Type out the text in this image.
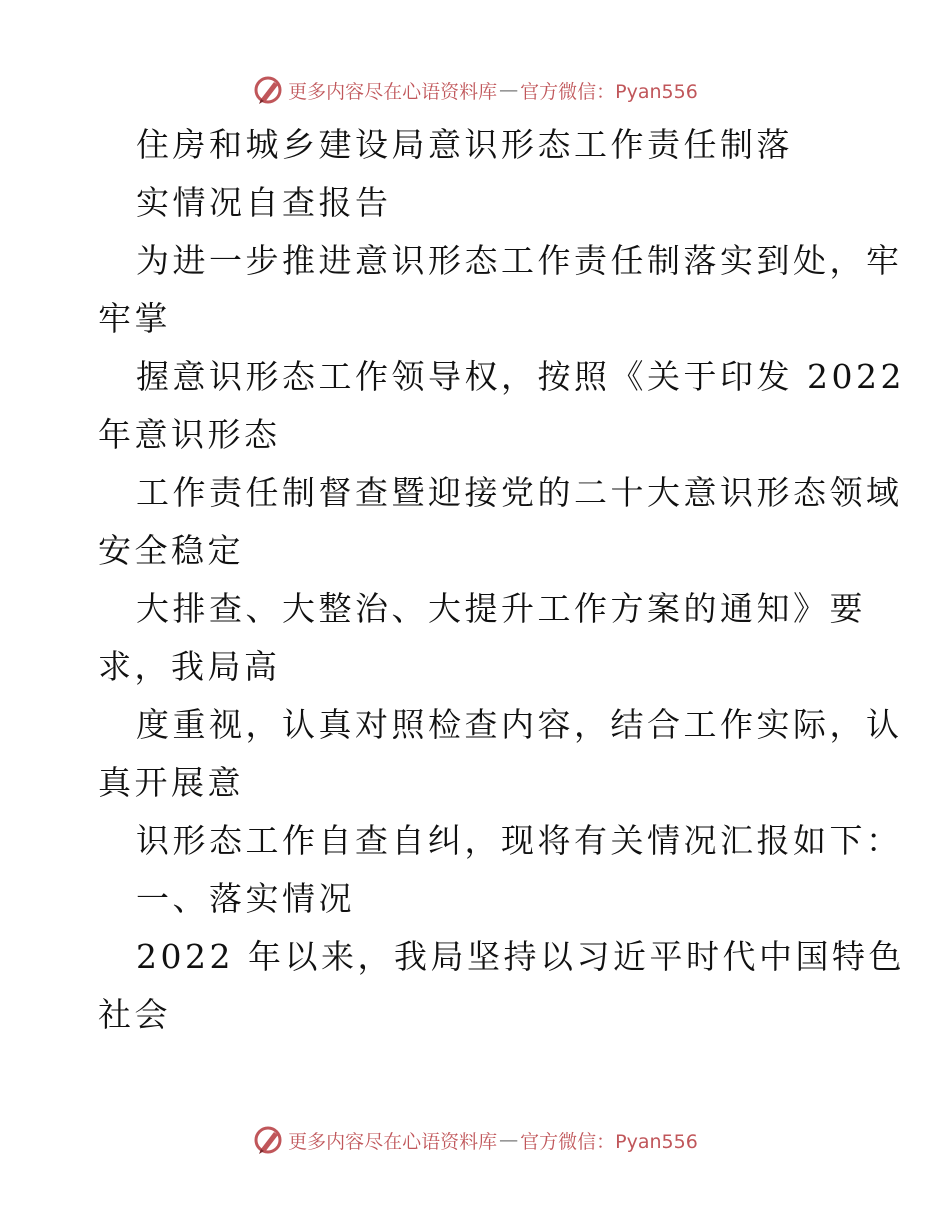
更多内容尽在心语资料库 — 官方微信：Pyan556
住房和城乡建设局意识形态工作责任制落
实情况自查报告
为进一步推进意识形态工作责任制落实到处，牢
牢掌
握意识形态工作领导权，按照《关于印发 2022
年意识形态
工作责任制督查暨迎接党的二十大意识形态领域
安全稳定
大排查、大整治、大提升工作方案的通知》要
求，我局高
度重视，认真对照检查内容，结合工作实际，认
真开展意
识形态工作自查自纠，现将有关情况汇报如下：
一、落实情况
2022 年以来，我局坚持以习近平时代中国特色
社会
更多内容尽在心语资料库 — 官方微信：Pyan556
